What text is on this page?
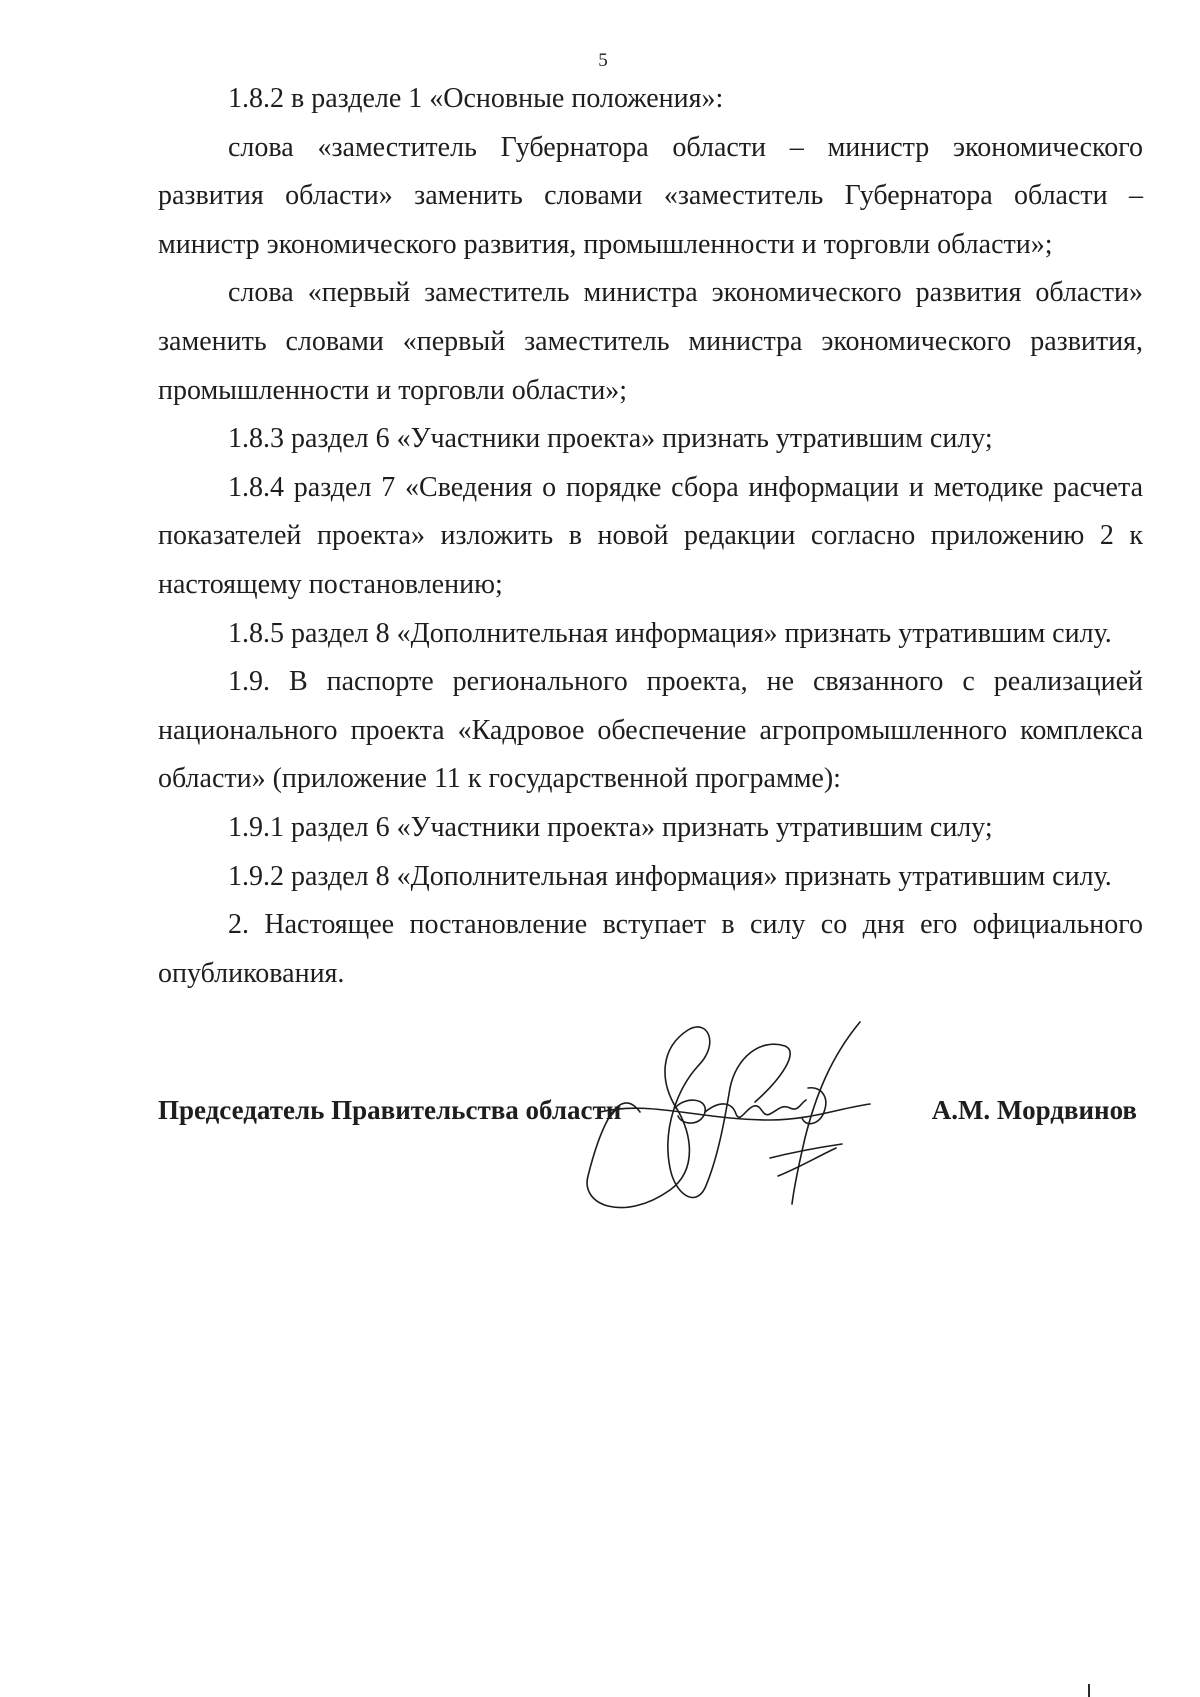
5

1.8.2 в разделе 1 «Основные положения»:

слова «заместитель Губернатора области – министр экономического развития области» заменить словами «заместитель Губернатора области – министр экономического развития, промышленности и торговли области»;

слова «первый заместитель министра экономического развития области» заменить словами «первый заместитель министра экономического развития, промышленности и торговли области»;

1.8.3 раздел 6 «Участники проекта» признать утратившим силу;

1.8.4 раздел 7 «Сведения о порядке сбора информации и методике расчета показателей проекта» изложить в новой редакции согласно приложению 2 к настоящему постановлению;

1.8.5 раздел 8 «Дополнительная информация» признать утратившим силу.

1.9. В паспорте регионального проекта, не связанного с реализацией национального проекта «Кадровое обеспечение агропромышленного комплекса области» (приложение 11 к государственной программе):

1.9.1 раздел 6 «Участники проекта» признать утратившим силу;

1.9.2 раздел 8 «Дополнительная информация» признать утратившим силу.

2. Настоящее постановление вступает в силу со дня его официального опубликования.

Председатель Правительства области	А.М. Мордвинов
